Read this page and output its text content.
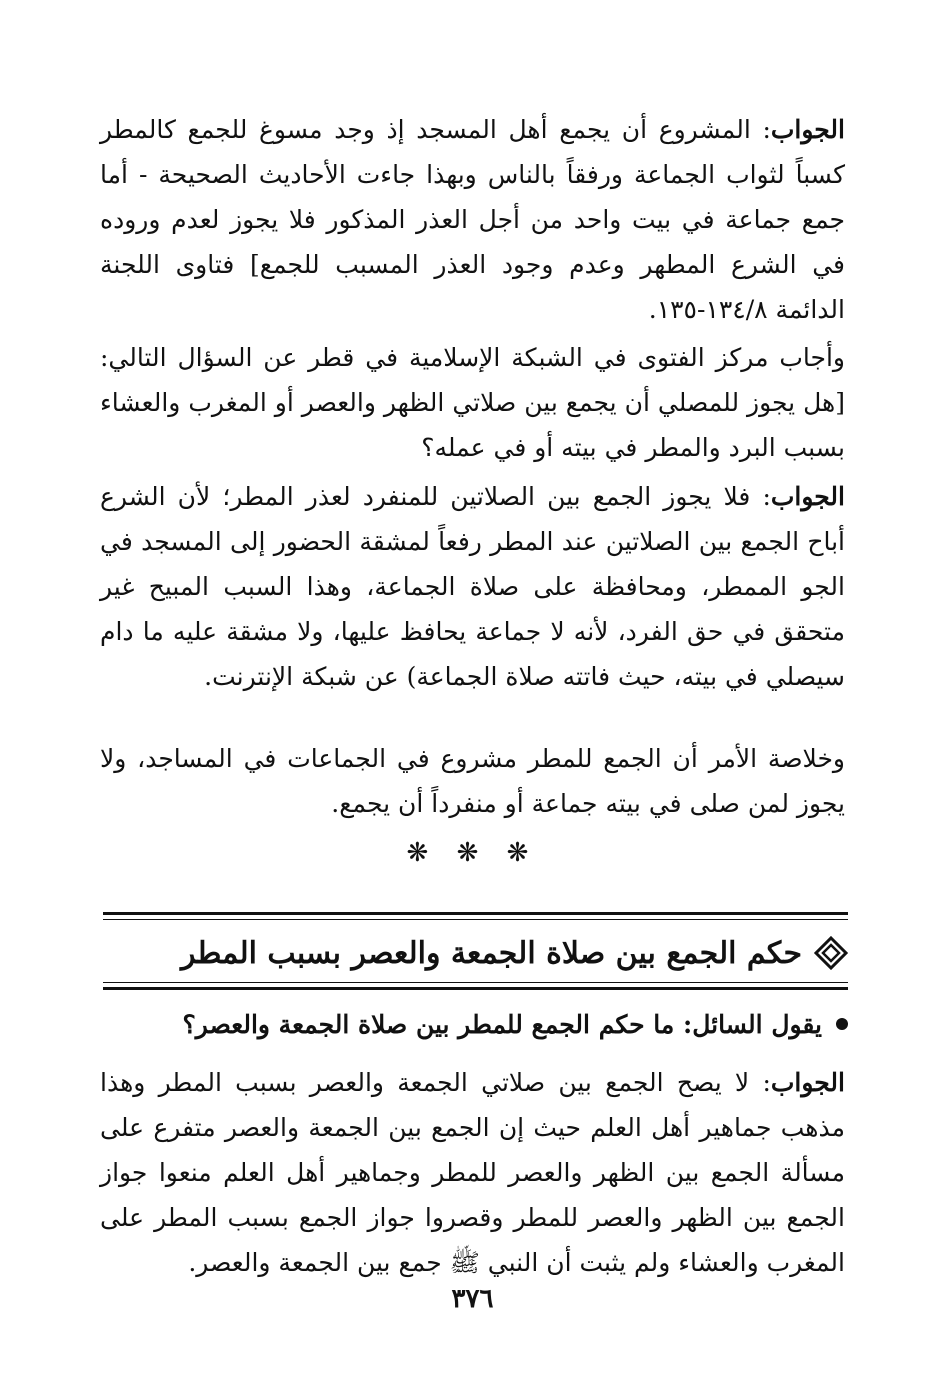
الجواب: المشروع أن يجمع أهل المسجد إذ وجد مسوغ للجمع كالمطر كسباً لثواب الجماعة ورفقاً بالناس وبهذا جاءت الأحاديث الصحيحة - أما جمع جماعة في بيت واحد من أجل العذر المذكور فلا يجوز لعدم وروده في الشرع المطهر وعدم وجود العذر المسبب للجمع] فتاوى اللجنة الدائمة ١٣٤/٨-١٣٥.

وأجاب مركز الفتوى في الشبكة الإسلامية في قطر عن السؤال التالي: [هل يجوز للمصلي أن يجمع بين صلاتي الظهر والعصر أو المغرب والعشاء بسبب البرد والمطر في بيته أو في عمله؟

الجواب: فلا يجوز الجمع بين الصلاتين للمنفرد لعذر المطر؛ لأن الشرع أباح الجمع بين الصلاتين عند المطر رفعاً لمشقة الحضور إلى المسجد في الجو الممطر، ومحافظة على صلاة الجماعة، وهذا السبب المبيح غير متحقق في حق الفرد، لأنه لا جماعة يحافظ عليها، ولا مشقة عليه ما دام سيصلي في بيته، حيث فاتته صلاة الجماعة) عن شبكة الإنترنت.

وخلاصة الأمر أن الجمع للمطر مشروع في الجماعات في المساجد، ولا يجوز لمن صلى في بيته جماعة أو منفرداً أن يجمع.

❋ ❋ ❋
حكم الجمع بين صلاة الجمعة والعصر بسبب المطر
يقول السائل: ما حكم الجمع للمطر بين صلاة الجمعة والعصر؟

الجواب: لا يصح الجمع بين صلاتي الجمعة والعصر بسبب المطر وهذا مذهب جماهير أهل العلم حيث إن الجمع بين الجمعة والعصر متفرع على مسألة الجمع بين الظهر والعصر للمطر وجماهير أهل العلم منعوا جواز الجمع بين الظهر والعصر للمطر وقصروا جواز الجمع بسبب المطر على المغرب والعشاء ولم يثبت أن النبي ﷺ جمع بين الجمعة والعصر.

٣٧٦
